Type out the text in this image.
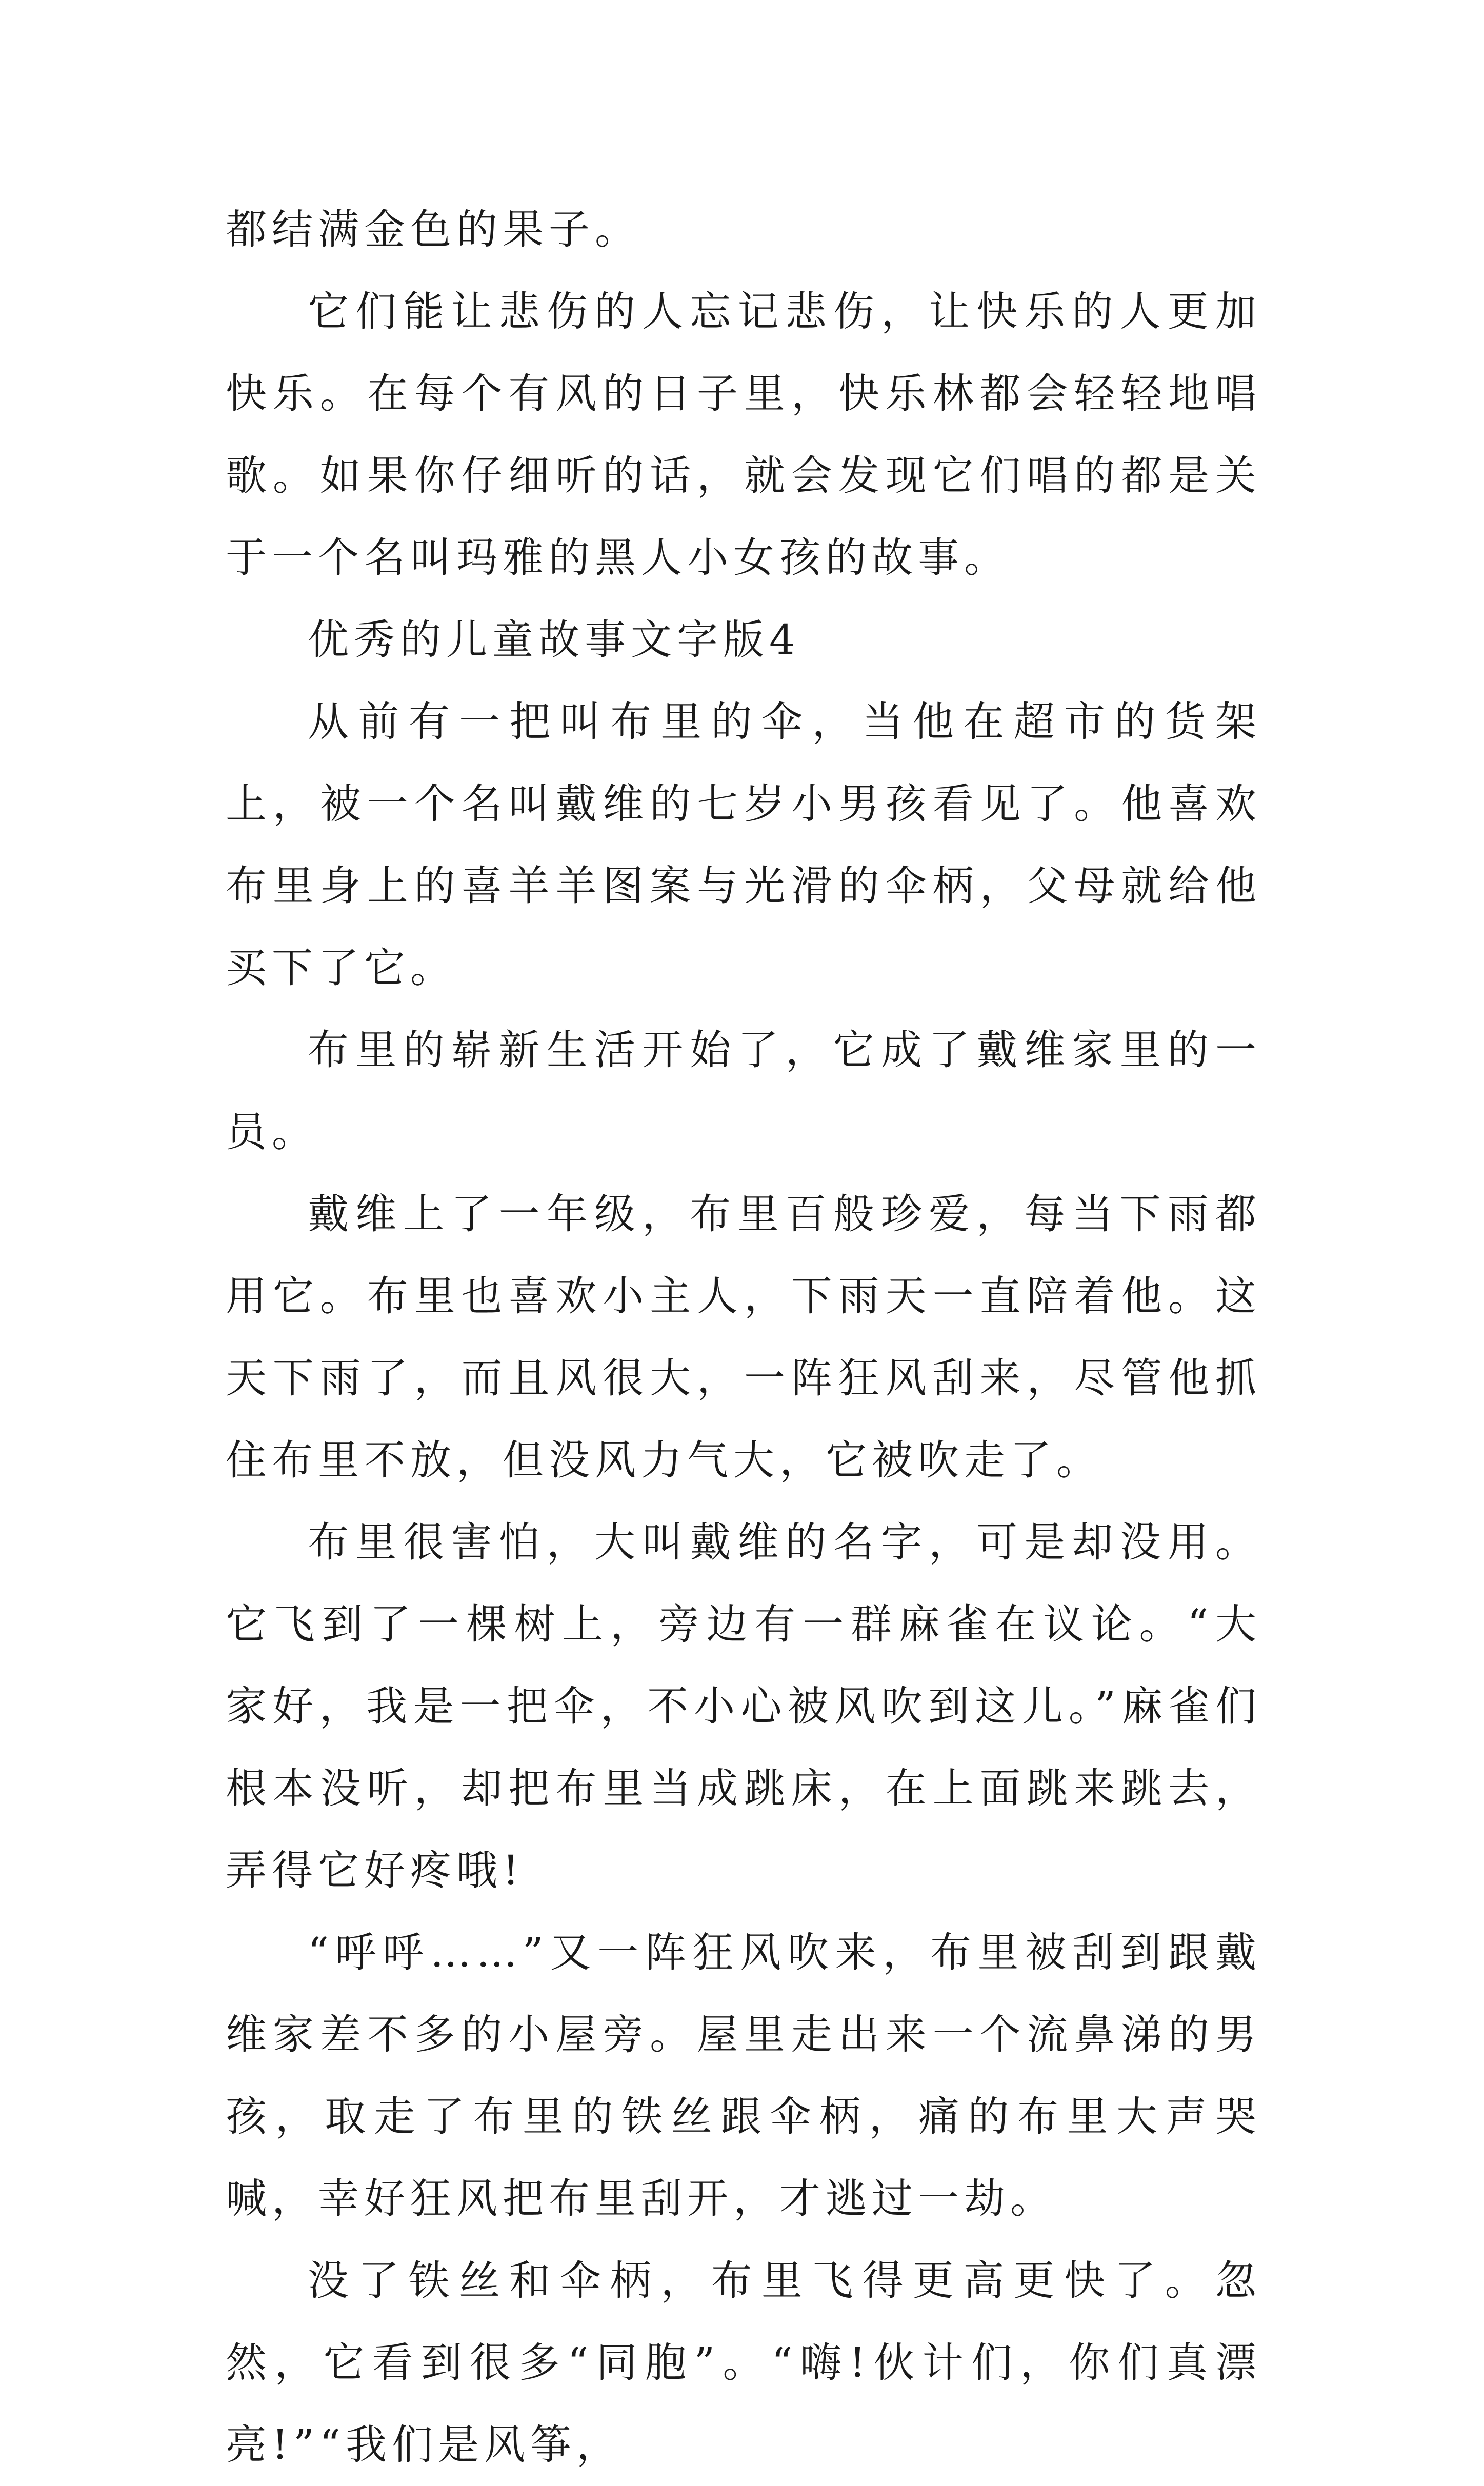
都结满金色的果子。

它们能让悲伤的人忘记悲伤，让快乐的人更加快乐。在每个有风的日子里，快乐林都会轻轻地唱歌。如果你仔细听的话，就会发现它们唱的都是关于一个名叫玛雅的黑人小女孩的故事。

优秀的儿童故事文字版4

从前有一把叫布里的伞，当他在超市的货架上，被一个名叫戴维的七岁小男孩看见了。他喜欢布里身上的喜羊羊图案与光滑的伞柄，父母就给他买下了它。

布里的崭新生活开始了，它成了戴维家里的一员。

戴维上了一年级，布里百般珍爱，每当下雨都用它。布里也喜欢小主人，下雨天一直陪着他。这天下雨了，而且风很大，一阵狂风刮来，尽管他抓住布里不放，但没风力气大，它被吹走了。

布里很害怕，大叫戴维的名字，可是却没用。它飞到了一棵树上，旁边有一群麻雀在议论。“大家好，我是一把伞，不小心被风吹到这儿。”麻雀们根本没听，却把布里当成跳床，在上面跳来跳去，弄得它好疼哦!

“呼呼……”又一阵狂风吹来，布里被刮到跟戴维家差不多的小屋旁。屋里走出来一个流鼻涕的男孩，取走了布里的铁丝跟伞柄，痛的布里大声哭喊，幸好狂风把布里刮开，才逃过一劫。

没了铁丝和伞柄，布里飞得更高更快了。忽然，它看到很多“同胞”。“嗨!伙计们，你们真漂亮!”“我们是风筝，
